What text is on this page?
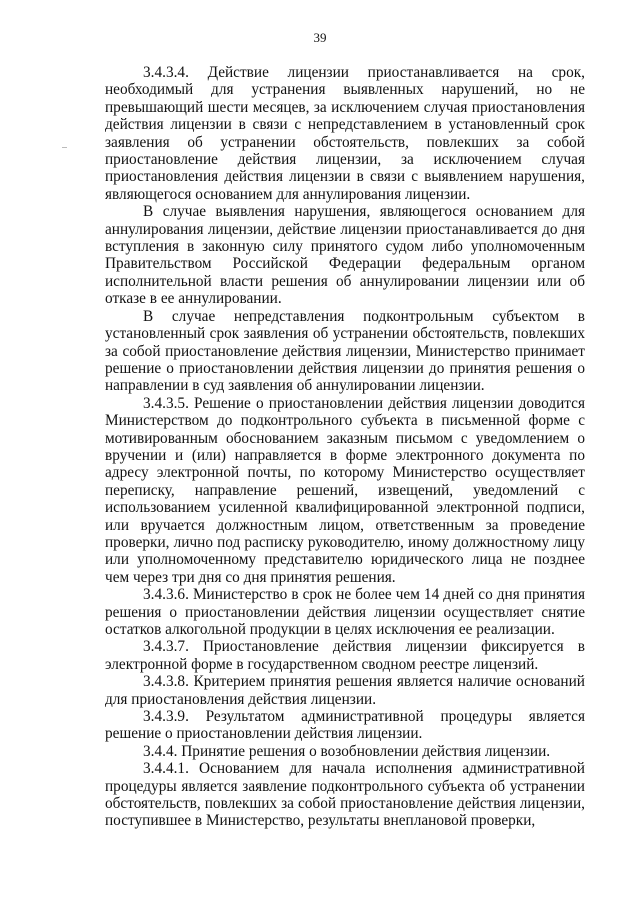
39

3.4.3.4. Действие лицензии приостанавливается на срок, необходимый для устранения выявленных нарушений, но не превышающий шести месяцев, за исключением случая приостановления действия лицензии в связи с непредставлением в установленный срок заявления об устранении обстоятельств, повлекших за собой приостановление действия лицензии, за исключением случая приостановления действия лицензии в связи с выявлением нарушения, являющегося основанием для аннулирования лицензии.

В случае выявления нарушения, являющегося основанием для аннулирования лицензии, действие лицензии приостанавливается до дня вступления в законную силу принятого судом либо уполномоченным Правительством Российской Федерации федеральным органом исполнительной власти решения об аннулировании лицензии или об отказе в ее аннулировании.

В случае непредставления подконтрольным субъектом в установленный срок заявления об устранении обстоятельств, повлекших за собой приостановление действия лицензии, Министерство принимает решение о приостановлении действия лицензии до принятия решения о направлении в суд заявления об аннулировании лицензии.

3.4.3.5. Решение о приостановлении действия лицензии доводится Министерством до подконтрольного субъекта в письменной форме с мотивированным обоснованием заказным письмом с уведомлением о вручении и (или) направляется в форме электронного документа по адресу электронной почты, по которому Министерство осуществляет переписку, направление решений, извещений, уведомлений с использованием усиленной квалифицированной электронной подписи, или вручается должностным лицом, ответственным за проведение проверки, лично под расписку руководителю, иному должностному лицу или уполномоченному представителю юридического лица не позднее чем через три дня со дня принятия решения.

3.4.3.6. Министерство в срок не более чем 14 дней со дня принятия решения о приостановлении действия лицензии осуществляет снятие остатков алкогольной продукции в целях исключения ее реализации.

3.4.3.7. Приостановление действия лицензии фиксируется в электронной форме в государственном сводном реестре лицензий.

3.4.3.8. Критерием принятия решения является наличие оснований для приостановления действия лицензии.

3.4.3.9. Результатом административной процедуры является решение о приостановлении действия лицензии.

3.4.4. Принятие решения о возобновлении действия лицензии.

3.4.4.1. Основанием для начала исполнения административной процедуры является заявление подконтрольного субъекта об устранении обстоятельств, повлекших за собой приостановление действия лицензии, поступившее в Министерство, результаты внеплановой проверки,
